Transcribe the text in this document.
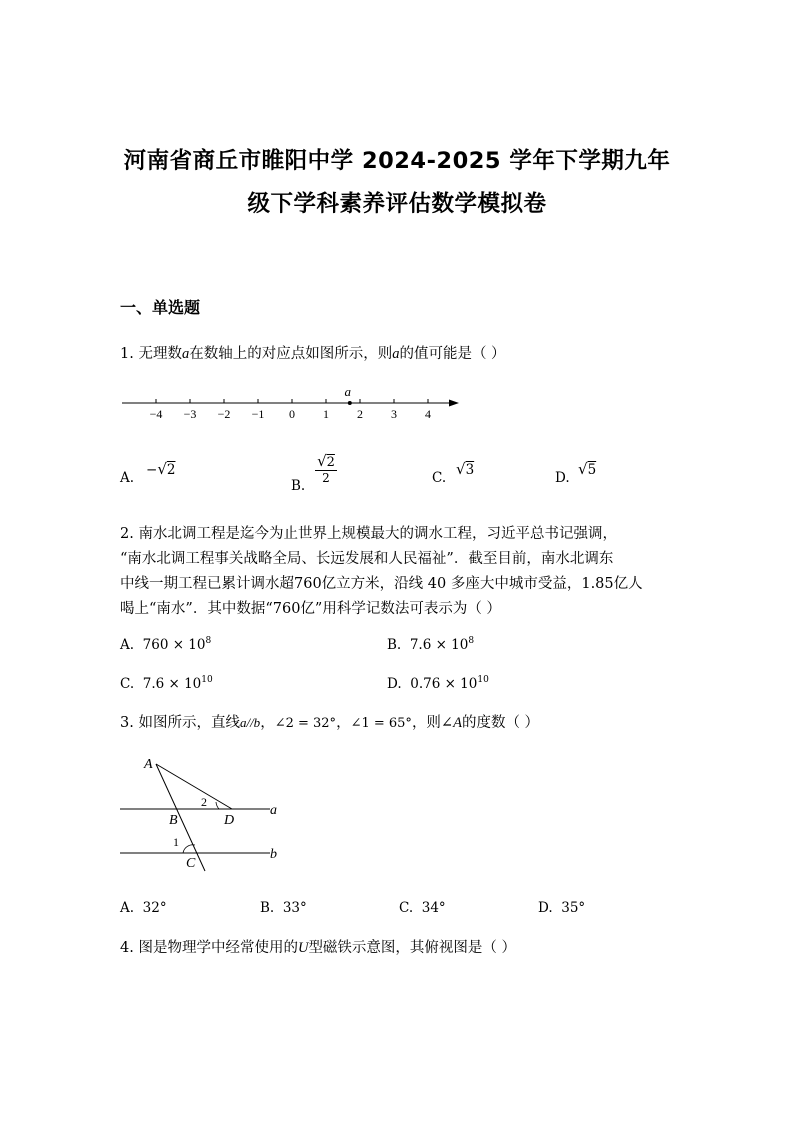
河南省商丘市睢阳中学 2024-2025 学年下学期九年
级下学科素养评估数学模拟卷
一、单选题
1. 无理数a在数轴上的对应点如图所示，则a的值可能是（ ）
−4 −3 −2 −1 0 1 2 3 4
a
A. −√2
B.
√2
2	C. √3	D. √5
2. 南水北调工程是迄今为止世界上规模最大的调水工程，习近平总书记强调，
“南水北调工程事关战略全局、长远发展和人民福祉”．截至目前，南水北调东
中线一期工程已累计调水超760亿立方米，沿线 40 多座大中城市受益，1.85亿人
喝上“南水”．其中数据“760亿”用科学记数法可表示为（ ）
A. $760 \times 10^8$	B. $7.6 \times 10^8$
C. $7.6 \times 10^{10}$	D. $0.76 \times 10^{10}$
3. 如图所示，直线a//b，∠2 = 32°，∠1 = 65°，则∠A的度数（ ）
A
B	D
C
a
b
1
2
A. 32°	B. 33°	C. 34°	D. 35°
4. 图是物理学中经常使用的U型磁铁示意图，其俯视图是（ ）
